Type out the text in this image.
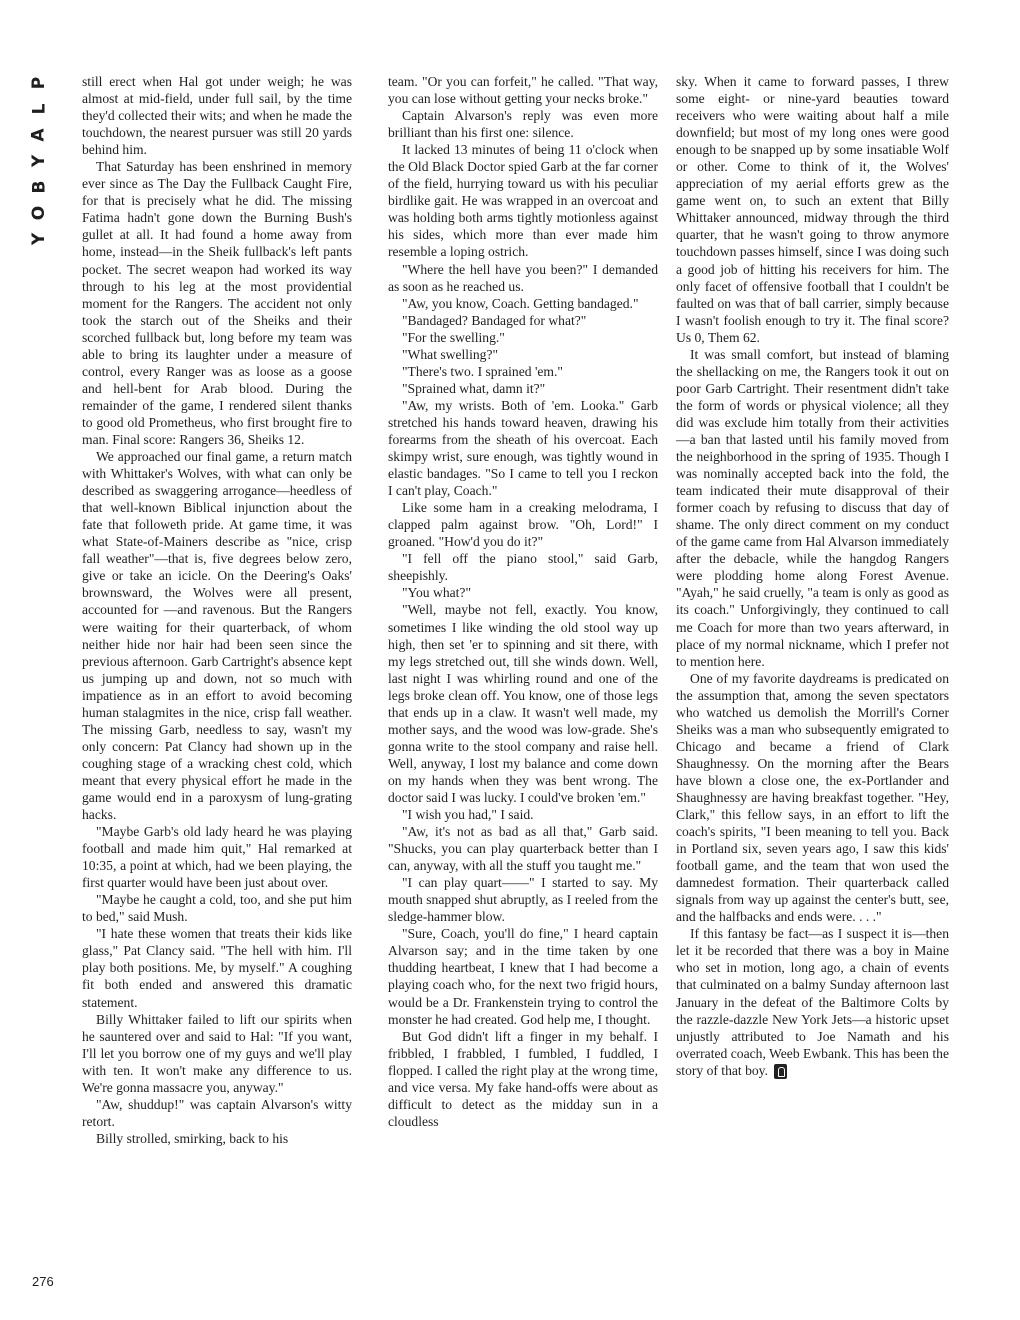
P
L
A
Y
B
O
Y

still erect when Hal got under weigh; he was almost at mid-field, under full sail, by the time they'd collected their wits; and when he made the touchdown, the nearest pursuer was still 20 yards behind him.

That Saturday has been enshrined in memory ever since as The Day the Fullback Caught Fire, for that is precisely what he did. The missing Fatima hadn't gone down the Burning Bush's gullet at all. It had found a home away from home, instead—in the Sheik fullback's left pants pocket. The secret weapon had worked its way through to his leg at the most providential moment for the Rangers. The accident not only took the starch out of the Sheiks and their scorched fullback but, long before my team was able to bring its laughter under a measure of control, every Ranger was as loose as a goose and hell-bent for Arab blood. During the remainder of the game, I rendered silent thanks to good old Prometheus, who first brought fire to man. Final score: Rangers 36, Sheiks 12.

We approached our final game, a return match with Whittaker's Wolves, with what can only be described as swaggering arrogance—heedless of that well-known Biblical injunction about the fate that followeth pride. At game time, it was what State-of-Mainers describe as "nice, crisp fall weather"—that is, five degrees below zero, give or take an icicle. On the Deering's Oaks' brownsward, the Wolves were all present, accounted for —and ravenous. But the Rangers were waiting for their quarterback, of whom neither hide nor hair had been seen since the previous afternoon. Garb Cartright's absence kept us jumping up and down, not so much with impatience as in an effort to avoid becoming human stalagmites in the nice, crisp fall weather. The missing Garb, needless to say, wasn't my only concern: Pat Clancy had shown up in the coughing stage of a wracking chest cold, which meant that every physical effort he made in the game would end in a paroxysm of lung-grating hacks.

"Maybe Garb's old lady heard he was playing football and made him quit," Hal remarked at 10:35, a point at which, had we been playing, the first quarter would have been just about over.

"Maybe he caught a cold, too, and she put him to bed," said Mush.

"I hate these women that treats their kids like glass," Pat Clancy said. "The hell with him. I'll play both positions. Me, by myself." A coughing fit both ended and answered this dramatic statement.

Billy Whittaker failed to lift our spirits when he sauntered over and said to Hal: "If you want, I'll let you borrow one of my guys and we'll play with ten. It won't make any difference to us. We're gonna massacre you, anyway."

"Aw, shuddup!" was captain Alvarson's witty retort.

Billy strolled, smirking, back to his

team. "Or you can forfeit," he called. "That way, you can lose without getting your necks broke."

Captain Alvarson's reply was even more brilliant than his first one: silence.

It lacked 13 minutes of being 11 o'clock when the Old Black Doctor spied Garb at the far corner of the field, hurrying toward us with his peculiar birdlike gait. He was wrapped in an overcoat and was holding both arms tightly motionless against his sides, which more than ever made him resemble a loping ostrich.

"Where the hell have you been?" I demanded as soon as he reached us.

"Aw, you know, Coach. Getting bandaged."

"Bandaged? Bandaged for what?"

"For the swelling."

"What swelling?"

"There's two. I sprained 'em."

"Sprained what, damn it?"

"Aw, my wrists. Both of 'em. Looka." Garb stretched his hands toward heaven, drawing his forearms from the sheath of his overcoat. Each skimpy wrist, sure enough, was tightly wound in elastic bandages. "So I came to tell you I reckon I can't play, Coach."

Like some ham in a creaking melodrama, I clapped palm against brow. "Oh, Lord!" I groaned. "How'd you do it?"

"I fell off the piano stool," said Garb, sheepishly.

"You what?"

"Well, maybe not fell, exactly. You know, sometimes I like winding the old stool way up high, then set 'er to spinning and sit there, with my legs stretched out, till she winds down. Well, last night I was whirling round and one of the legs broke clean off. You know, one of those legs that ends up in a claw. It wasn't well made, my mother says, and the wood was low-grade. She's gonna write to the stool company and raise hell. Well, anyway, I lost my balance and come down on my hands when they was bent wrong. The doctor said I was lucky. I could've broken 'em."

"I wish you had," I said.

"Aw, it's not as bad as all that," Garb said. "Shucks, you can play quarterback better than I can, anyway, with all the stuff you taught me."

"I can play quart——" I started to say. My mouth snapped shut abruptly, as I reeled from the sledge-hammer blow.

"Sure, Coach, you'll do fine," I heard captain Alvarson say; and in the time taken by one thudding heartbeat, I knew that I had become a playing coach who, for the next two frigid hours, would be a Dr. Frankenstein trying to control the monster he had created. God help me, I thought.

But God didn't lift a finger in my behalf. I fribbled, I frabbled, I fumbled, I fuddled, I flopped. I called the right play at the wrong time, and vice versa. My fake hand-offs were about as difficult to detect as the midday sun in a cloudless

sky. When it came to forward passes, I threw some eight- or nine-yard beauties toward receivers who were waiting about half a mile downfield; but most of my long ones were good enough to be snapped up by some insatiable Wolf or other. Come to think of it, the Wolves' appreciation of my aerial efforts grew as the game went on, to such an extent that Billy Whittaker announced, midway through the third quarter, that he wasn't going to throw anymore touchdown passes himself, since I was doing such a good job of hitting his receivers for him. The only facet of offensive football that I couldn't be faulted on was that of ball carrier, simply because I wasn't foolish enough to try it. The final score? Us 0, Them 62.

It was small comfort, but instead of blaming the shellacking on me, the Rangers took it out on poor Garb Cartright. Their resentment didn't take the form of words or physical violence; all they did was exclude him totally from their activities—a ban that lasted until his family moved from the neighborhood in the spring of 1935. Though I was nominally accepted back into the fold, the team indicated their mute disapproval of their former coach by refusing to discuss that day of shame. The only direct comment on my conduct of the game came from Hal Alvarson immediately after the debacle, while the hangdog Rangers were plodding home along Forest Avenue. "Ayah," he said cruelly, "a team is only as good as its coach." Unforgivingly, they continued to call me Coach for more than two years afterward, in place of my normal nickname, which I prefer not to mention here.

One of my favorite daydreams is predicated on the assumption that, among the seven spectators who watched us demolish the Morrill's Corner Sheiks was a man who subsequently emigrated to Chicago and became a friend of Clark Shaughnessy. On the morning after the Bears have blown a close one, the ex-Portlander and Shaughnessy are having breakfast together. "Hey, Clark," this fellow says, in an effort to lift the coach's spirits, "I been meaning to tell you. Back in Portland six, seven years ago, I saw this kids' football game, and the team that won used the damnedest formation. Their quarterback called signals from way up against the center's butt, see, and the halfbacks and ends were. . . ."

If this fantasy be fact—as I suspect it is—then let it be recorded that there was a boy in Maine who set in motion, long ago, a chain of events that culminated on a balmy Sunday afternoon last January in the defeat of the Baltimore Colts by the razzle-dazzle New York Jets—a historic upset unjustly attributed to Joe Namath and his overrated coach, Weeb Ewbank. This has been the story of that boy.

276
